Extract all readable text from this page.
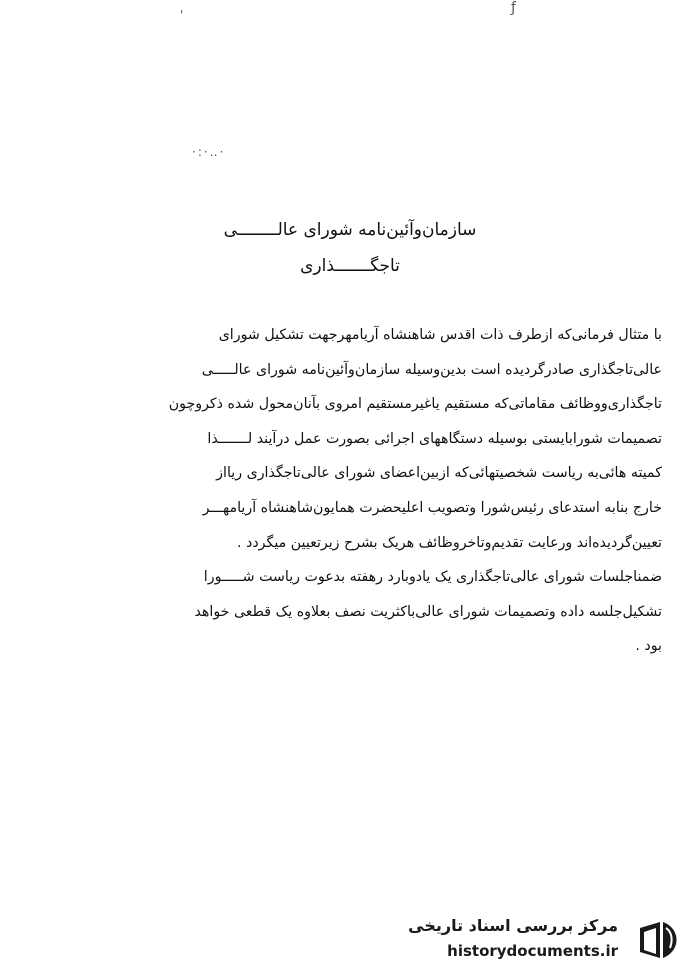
'	ƒ
·:·‥·
سازمان‌وآئین‌نامه شورای عالــــــــی
تاجگـــــــذاری
با متثال فرمانی‌که ازطرف ذات اقدس شاهنشاه آریامهرجهت تشکیل شورای
عالی‌تاجگذاری صادرگردیده است بدین‌وسیله سازمان‌وآئین‌نامه شورای عالـــــی
تاجگذاری‌ووظائف مقاماتی‌که مستقیم یاغیرمستقیم امروی بآنان‌محول شده ذکروچون
تصمیمات شورابایستی بوسیله دستگاههای اجرائی بصورت عمل درآیند لـــــــذا
کمیته هائی‌به ریاست شخصیتهائی‌که ازبین‌اعضای شورای عالی‌تاجگذاری ریااز
خارج بنابه استدعای رئیس‌شورا وتصویب اعلیحضرت همایون‌شاهنشاه آریامهـــر
تعیین‌گردیده‌اند ورعایت تقدیم‌وتاخروظائف هریک بشرح زیرتعیین میگردد .
ضمناجلسات شورای عالی‌تاجگذاری یک یادوبارد رهفته بدعوت ریاست شـــــورا
تشکیل‌جلسه داده وتصمیمات شورای عالی‌باکثریت نصف بعلاوه یک قطعی خواهد
بود .
مرکز بررسی اسناد تاریخی
historydocuments.ir
